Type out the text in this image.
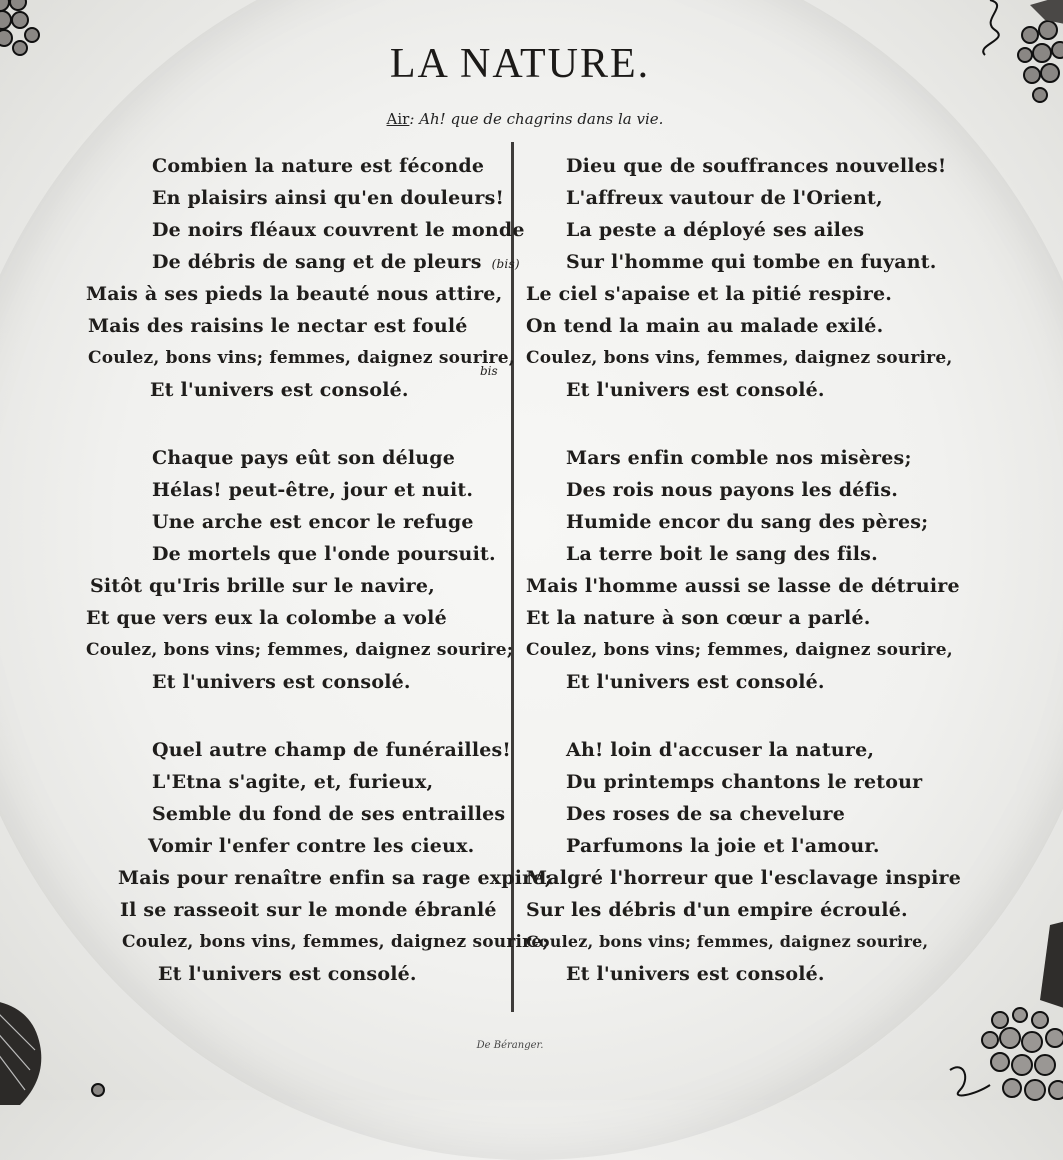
LA NATURE.
Air: Ah! que de chagrins dans la vie.
Combien la nature est féconde
En plaisirs ainsi qu'en douleurs!
De noirs fléaux couvrent le monde
De débris de sang et de pleurs (bis)
Mais à ses pieds la beauté nous attire,
Mais des raisins le nectar est foulé
Coulez, bons vins; femmes, daignez sourire,
Et l'univers est consolé.
bis
Chaque pays eût son déluge
Hélas! peut-être, jour et nuit.
Une arche est encor le refuge
De mortels que l'onde poursuit.
Sitôt qu'Iris brille sur le navire,
Et que vers eux la colombe a volé
Coulez, bons vins; femmes, daignez sourire;
Et l'univers est consolé.
Quel autre champ de funérailles!
L'Etna s'agite, et, furieux,
Semble du fond de ses entrailles
Vomir l'enfer contre les cieux.
Mais pour renaître enfin sa rage expire;
Il se rasseoit sur le monde ébranlé
Coulez, bons vins, femmes, daignez sourire;
Et l'univers est consolé.
Dieu que de souffrances nouvelles!
L'affreux vautour de l'Orient,
La peste a déployé ses ailes
Sur l'homme qui tombe en fuyant.
Le ciel s'apaise et la pitié respire.
On tend la main au malade exilé.
Coulez, bons vins, femmes, daignez sourire,
Et l'univers est consolé.
Mars enfin comble nos misères;
Des rois nous payons les défis.
Humide encor du sang des pères;
La terre boit le sang des fils.
Mais l'homme aussi se lasse de détruire
Et la nature à son cœur a parlé.
Coulez, bons vins; femmes, daignez sourire,
Et l'univers est consolé.
Ah! loin d'accuser la nature,
Du printemps chantons le retour
Des roses de sa chevelure
Parfumons la joie et l'amour.
Malgré l'horreur que l'esclavage inspire
Sur les débris d'un empire écroulé.
Coulez, bons vins; femmes, daignez sourire,
Et l'univers est consolé.
De Béranger.
